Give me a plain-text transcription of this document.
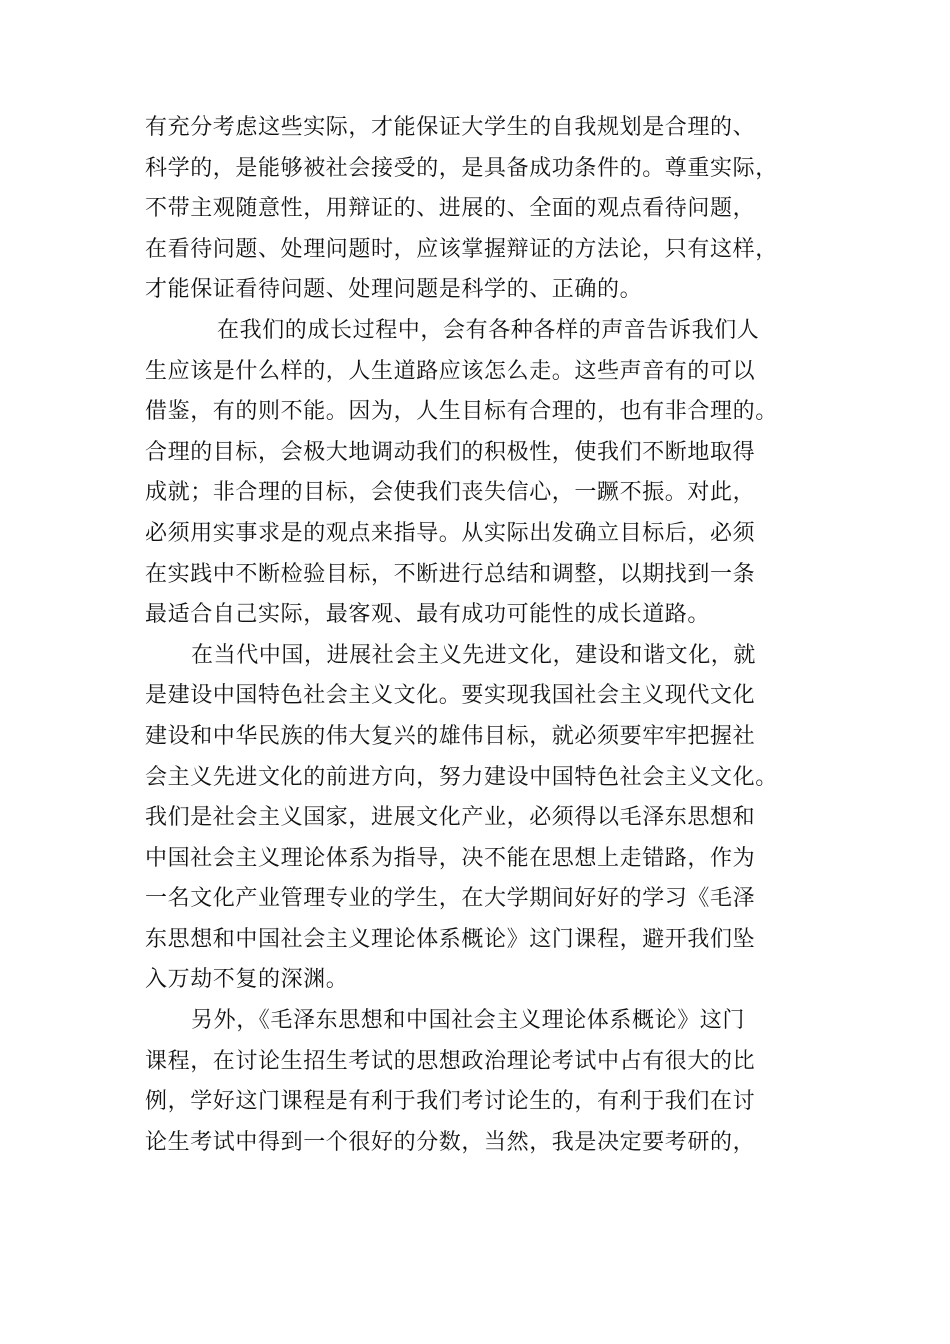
有充分考虑这些实际，才能保证大学生的自我规划是合理的、
科学的，是能够被社会接受的，是具备成功条件的。尊重实际，
不带主观随意性，用辩证的、进展的、全面的观点看待问题，
在看待问题、处理问题时，应该掌握辩证的方法论，只有这样，
才能保证看待问题、处理问题是科学的、正确的。
在我们的成长过程中，会有各种各样的声音告诉我们人
生应该是什么样的，人生道路应该怎么走。这些声音有的可以
借鉴，有的则不能。因为，人生目标有合理的，也有非合理的。
合理的目标，会极大地调动我们的积极性，使我们不断地取得
成就；非合理的目标，会使我们丧失信心，一蹶不振。对此，
必须用实事求是的观点来指导。从实际出发确立目标后，必须
在实践中不断检验目标，不断进行总结和调整，以期找到一条
最适合自己实际，最客观、最有成功可能性的成长道路。
在当代中国，进展社会主义先进文化，建设和谐文化，就
是建设中国特色社会主义文化。要实现我国社会主义现代文化
建设和中华民族的伟大复兴的雄伟目标，就必须要牢牢把握社
会主义先进文化的前进方向，努力建设中国特色社会主义文化。
我们是社会主义国家，进展文化产业，必须得以毛泽东思想和
中国社会主义理论体系为指导，决不能在思想上走错路，作为
一名文化产业管理专业的学生，在大学期间好好的学习《毛泽
东思想和中国社会主义理论体系概论》这门课程，避开我们坠
入万劫不复的深渊。
另外，《毛泽东思想和中国社会主义理论体系概论》这门
课程，在讨论生招生考试的思想政治理论考试中占有很大的比
例，学好这门课程是有利于我们考讨论生的，有利于我们在讨
论生考试中得到一个很好的分数，当然，我是决定要考研的，
